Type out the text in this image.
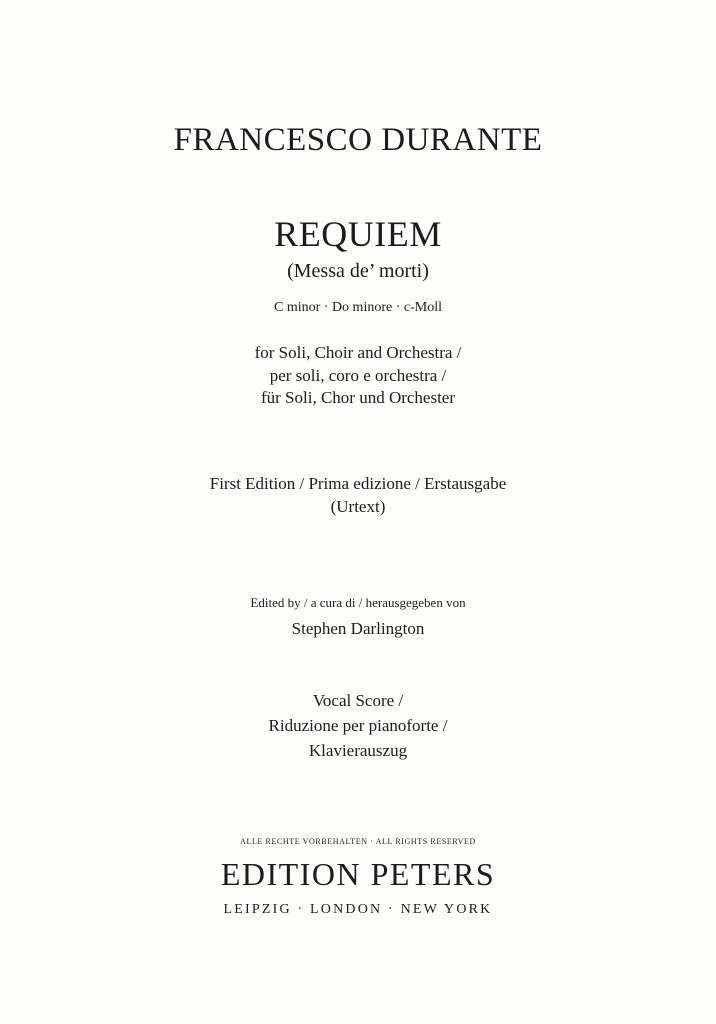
FRANCESCO DURANTE
REQUIEM
(Messa de’ morti)
C minor · Do minore · c-Moll
for Soli, Choir and Orchestra /
per soli, coro e orchestra /
für Soli, Chor und Orchester
First Edition / Prima edizione / Erstausgabe
(Urtext)
Edited by / a cura di / herausgegeben von
Stephen Darlington
Vocal Score /
Riduzione per pianoforte /
Klavierauszug
ALLE RECHTE VORBEHALTEN · ALL RIGHTS RESERVED
EDITION PETERS
LEIPZIG · LONDON · NEW YORK
